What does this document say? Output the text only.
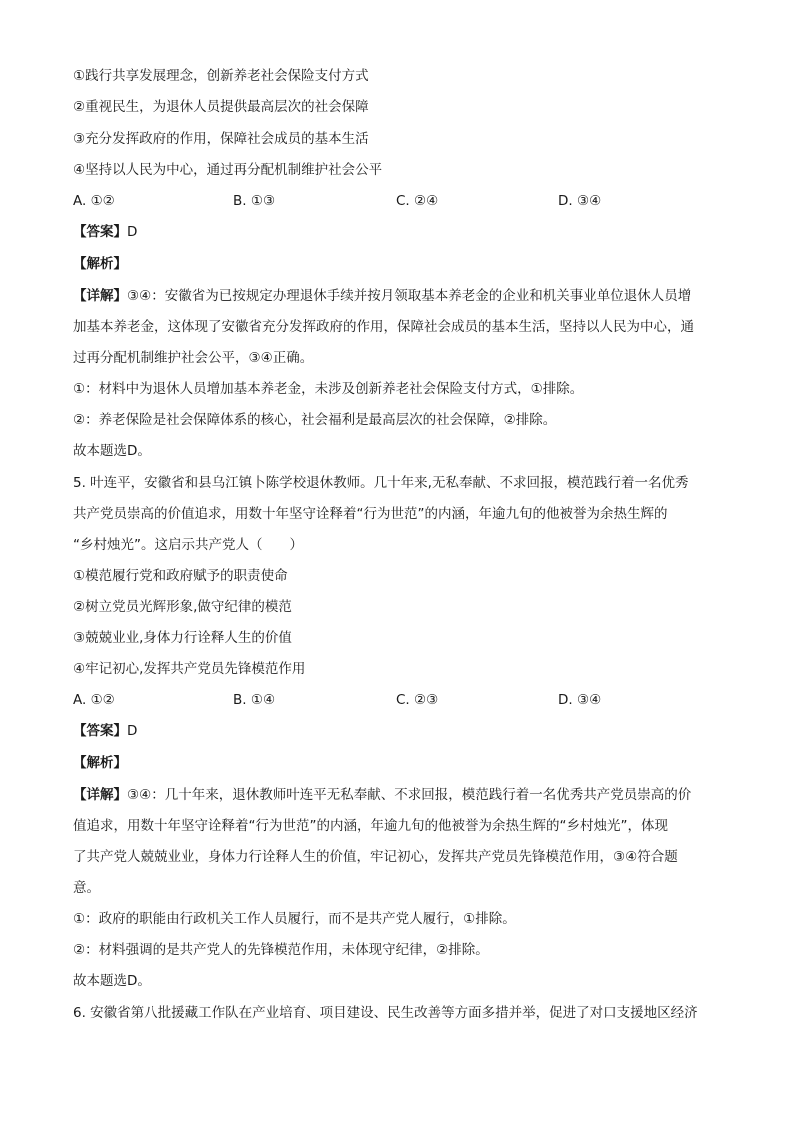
①践行共享发展理念，创新养老社会保险支付方式
②重视民生，为退休人员提供最高层次的社会保障
③充分发挥政府的作用，保障社会成员的基本生活
④坚持以人民为中心，通过再分配机制维护社会公平
A. ①②	B. ①③	C. ②④	D. ③④
【答案】D
【解析】
【详解】③④：安徽省为已按规定办理退休手续并按月领取基本养老金的企业和机关事业单位退休人员增
加基本养老金，这体现了安徽省充分发挥政府的作用，保障社会成员的基本生活，坚持以人民为中心，通
过再分配机制维护社会公平，③④正确。
①：材料中为退休人员增加基本养老金，未涉及创新养老社会保险支付方式，①排除。
②：养老保险是社会保障体系的核心，社会福利是最高层次的社会保障，②排除。
故本题选D。
5. 叶连平，安徽省和县乌江镇卜陈学校退休教师。几十年来,无私奉献、不求回报，模范践行着一名优秀
共产党员崇高的价值追求，用数十年坚守诠释着“行为世范”的内涵，年逾九旬的他被誉为余热生辉的
“乡村烛光”。这启示共产党人（　　）
①模范履行党和政府赋予的职责使命
②树立党员光辉形象,做守纪律的模范
③兢兢业业,身体力行诠释人生的价值
④牢记初心,发挥共产党员先锋模范作用
A. ①②	B. ①④	C. ②③	D. ③④
【答案】D
【解析】
【详解】③④：几十年来，退休教师叶连平无私奉献、不求回报，模范践行着一名优秀共产党员崇高的价
值追求，用数十年坚守诠释着“行为世范”的内涵，年逾九旬的他被誉为余热生辉的“乡村烛光”，体现
了共产党人兢兢业业，身体力行诠释人生的价值，牢记初心，发挥共产党员先锋模范作用，③④符合题
意。
①：政府的职能由行政机关工作人员履行，而不是共产党人履行，①排除。
②：材料强调的是共产党人的先锋模范作用，未体现守纪律，②排除。
故本题选D。
6. 安徽省第八批援藏工作队在产业培育、项目建设、民生改善等方面多措并举，促进了对口支援地区经济
